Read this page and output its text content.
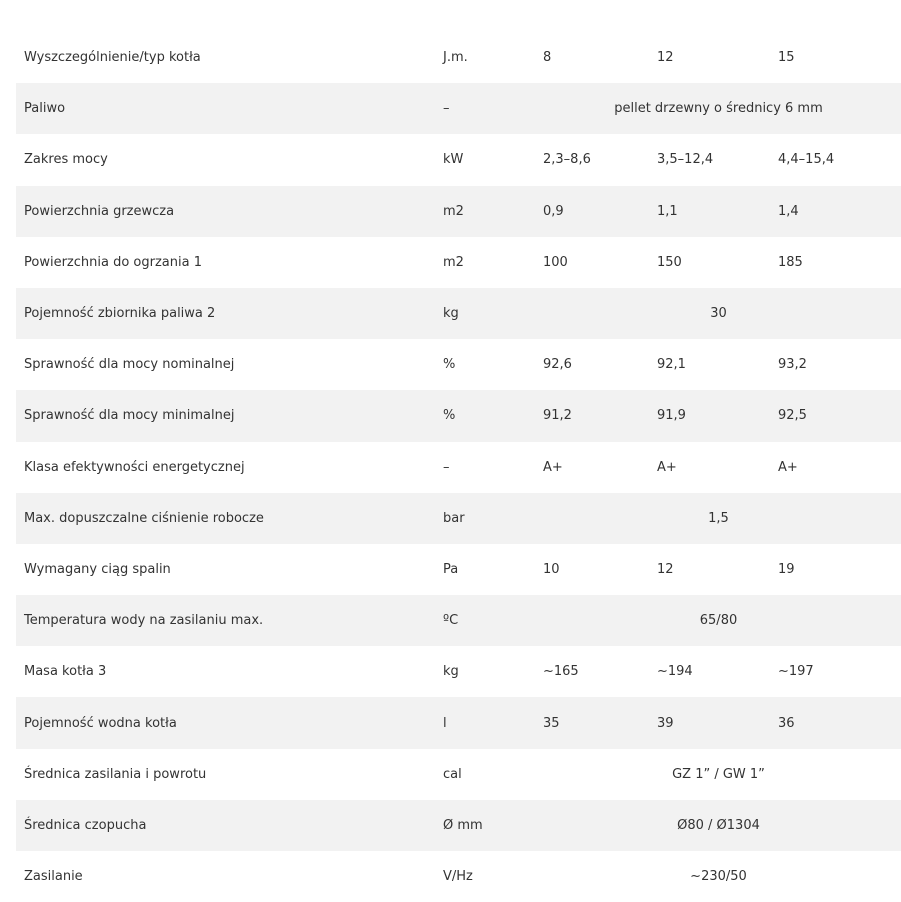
Wyszczególnienie/typ kotła	J.m.	8	12	15
Paliwo	–	pellet drzewny o średnicy 6 mm		
Zakres mocy	kW	2,3–8,6	3,5–12,4	4,4–15,4
Powierzchnia grzewcza	m2	0,9	1,1	1,4
Powierzchnia do ogrzania 1	m2	100	150	185
Pojemność zbiornika paliwa 2	kg	30		
Sprawność dla mocy nominalnej	%	92,6	92,1	93,2
Sprawność dla mocy minimalnej	%	91,2	91,9	92,5
Klasa efektywności energetycznej	–	A+	A+	A+
Max. dopuszczalne ciśnienie robocze	bar	1,5		
Wymagany ciąg spalin	Pa	10	12	19
Temperatura wody na zasilaniu max.	ºC	65/80		
Masa kotła 3	kg	~165	~194	~197
Pojemność wodna kotła	l	35	39	36
Średnica zasilania i powrotu	cal	GZ 1” / GW 1”		
Średnica czopucha	Ø mm	Ø80 / Ø1304		
Zasilanie	V/Hz	~230/50		
